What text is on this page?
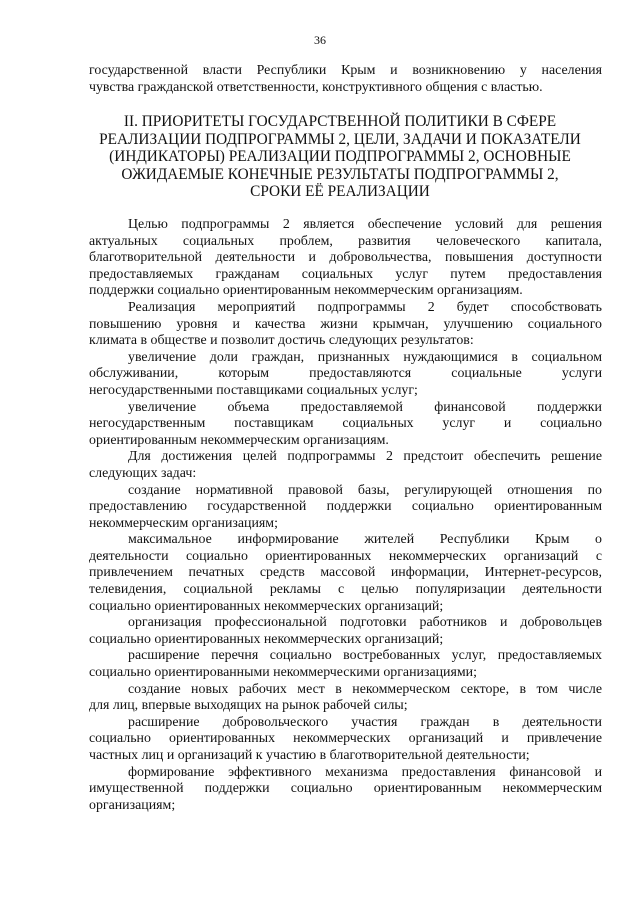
36
государственной власти Республики Крым и возникновению у населения
чувства гражданской ответственности, конструктивного общения с властью.
II. ПРИОРИТЕТЫ ГОСУДАРСТВЕННОЙ ПОЛИТИКИ В СФЕРЕ
РЕАЛИЗАЦИИ ПОДПРОГРАММЫ 2, ЦЕЛИ, ЗАДАЧИ И ПОКАЗАТЕЛИ
(ИНДИКАТОРЫ) РЕАЛИЗАЦИИ ПОДПРОГРАММЫ 2, ОСНОВНЫЕ
ОЖИДАЕМЫЕ КОНЕЧНЫЕ РЕЗУЛЬТАТЫ ПОДПРОГРАММЫ 2,
СРОКИ ЕЁ РЕАЛИЗАЦИИ
Целью подпрограммы 2 является обеспечение условий для решения
актуальных социальных проблем, развития человеческого капитала,
благотворительной деятельности и добровольчества, повышения доступности
предоставляемых гражданам социальных услуг путем предоставления
поддержки социально ориентированным некоммерческим организациям.
Реализация мероприятий подпрограммы 2 будет способствовать
повышению уровня и качества жизни крымчан, улучшению социального
климата в обществе и позволит достичь следующих результатов:
увеличение доли граждан, признанных нуждающимися в социальном
обслуживании, которым предоставляются социальные услуги
негосударственными поставщиками социальных услуг;
увеличение объема предоставляемой финансовой поддержки
негосударственным поставщикам социальных услуг и социально
ориентированным некоммерческим организациям.
Для достижения целей подпрограммы 2 предстоит обеспечить решение
следующих задач:
создание нормативной правовой базы, регулирующей отношения по
предоставлению государственной поддержки социально ориентированным
некоммерческим организациям;
максимальное информирование жителей Республики Крым о
деятельности социально ориентированных некоммерческих организаций с
привлечением печатных средств массовой информации, Интернет-ресурсов,
телевидения, социальной рекламы с целью популяризации деятельности
социально ориентированных некоммерческих организаций;
организация профессиональной подготовки работников и добровольцев
социально ориентированных некоммерческих организаций;
расширение перечня социально востребованных услуг, предоставляемых
социально ориентированными некоммерческими организациями;
создание новых рабочих мест в некоммерческом секторе, в том числе
для лиц, впервые выходящих на рынок рабочей силы;
расширение добровольческого участия граждан в деятельности
социально ориентированных некоммерческих организаций и привлечение
частных лиц и организаций к участию в благотворительной деятельности;
формирование эффективного механизма предоставления финансовой и
имущественной поддержки социально ориентированным некоммерческим
организациям;
